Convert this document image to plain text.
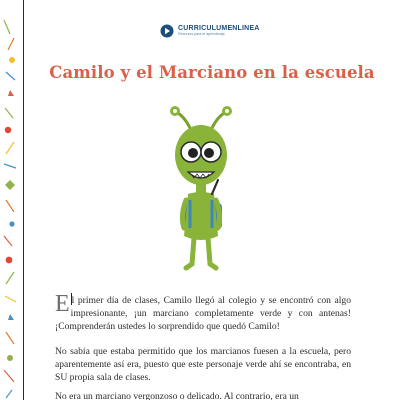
CURRICULUMENLINEA
Recursos para el aprendizaje
Camilo y el Marciano en la escuela

El primer día de clases, Camilo llegó al colegio y se encontró con algo impresionante, ¡un marciano completamente verde y con antenas! ¡Comprenderán ustedes lo sorprendido que quedó Camilo!

No sabía que estaba permitido que los marcianos fuesen a la escuela, pero aparentemente así era, puesto que este personaje verde ahí se encontraba, en SU propia sala de clases.

No era un marciano vergonzoso o delicado. Al contrario, era un
